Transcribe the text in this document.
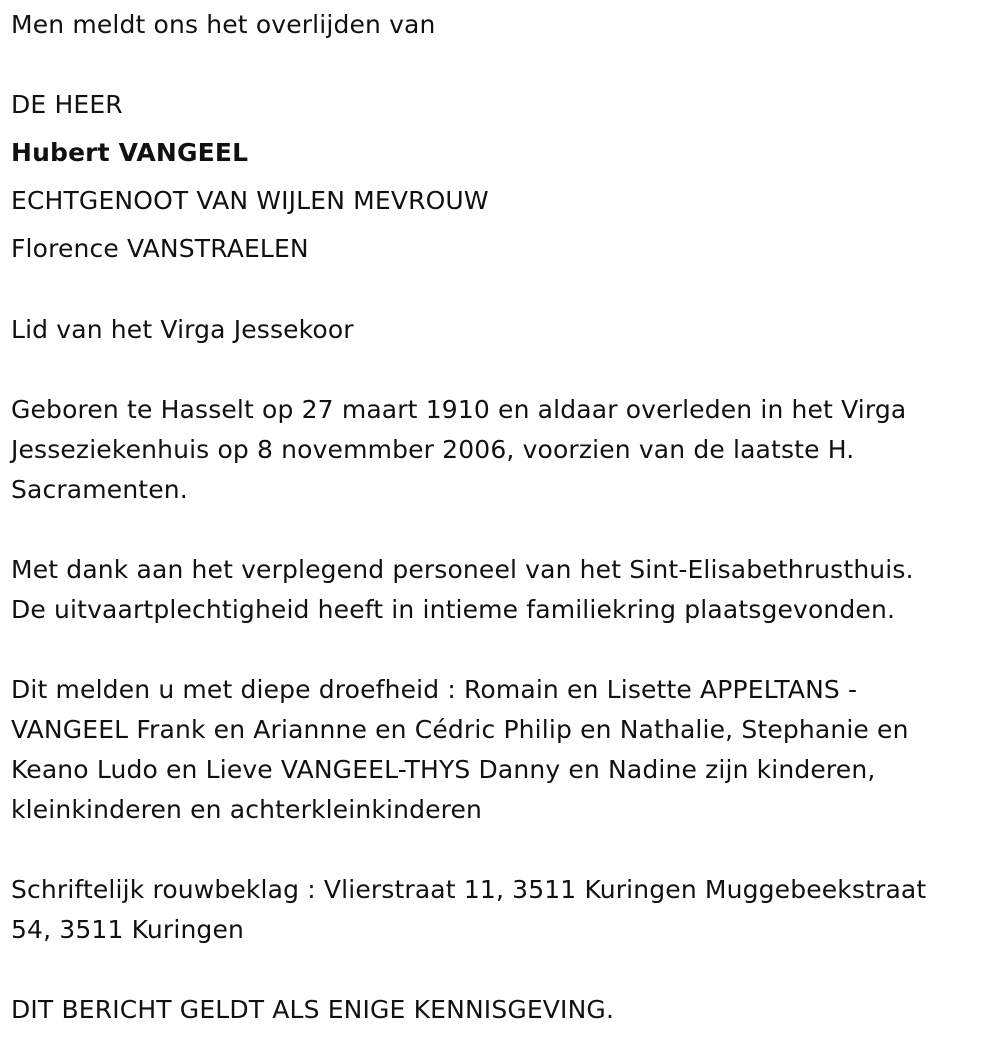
Men meldt ons het overlijden van
DE HEER
Hubert VANGEEL
ECHTGENOOT VAN WIJLEN MEVROUW
Florence VANSTRAELEN
Lid van het Virga Jessekoor
Geboren te Hasselt op 27 maart 1910 en aldaar overleden in het Virga
Jesseziekenhuis op 8 novemmber 2006, voorzien van de laatste H.
Sacramenten.
Met dank aan het verplegend personeel van het Sint-Elisabethrusthuis.
De uitvaartplechtigheid heeft in intieme familiekring plaatsgevonden.
Dit melden u met diepe droefheid : Romain en Lisette APPELTANS -
VANGEEL Frank en Ariannne en Cédric Philip en Nathalie, Stephanie en
Keano Ludo en Lieve VANGEEL-THYS Danny en Nadine zijn kinderen,
kleinkinderen en achterkleinkinderen
Schriftelijk rouwbeklag : Vlierstraat 11, 3511 Kuringen Muggebeekstraat
54, 3511 Kuringen
DIT BERICHT GELDT ALS ENIGE KENNISGEVING.
